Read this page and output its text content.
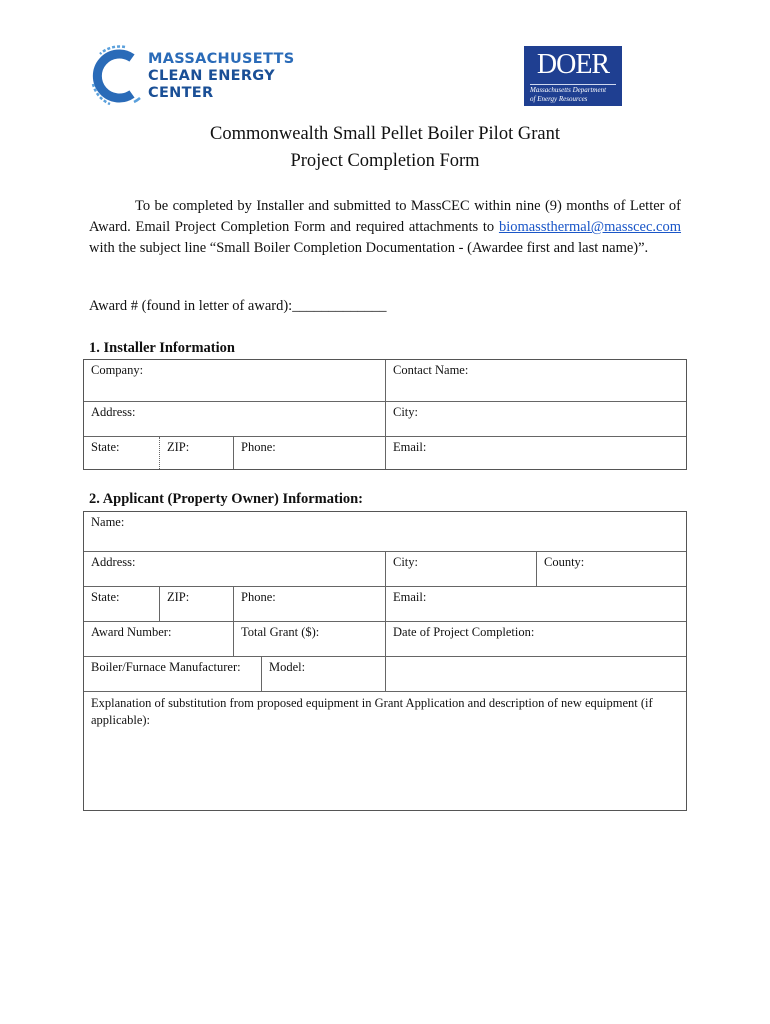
MASSACHUSETTS
CLEAN ENERGY
CENTER
DOER
Massachusetts Department
of Energy Resources
Commonwealth Small Pellet Boiler Pilot Grant
Project Completion Form
To be completed by Installer and submitted to MassCEC within nine (9) months of Letter of Award. Email Project Completion Form and required attachments to biomassthermal@masscec.com with the subject line “Small Boiler Completion Documentation - (Awardee first and last name)”.
Award # (found in letter of award):_____________
1. Installer Information
Company:	Contact Name:
Address:	City:
State:	ZIP:	Phone:	Email:
2. Applicant (Property Owner) Information:
Name:
Address:	City:	County:
State:	ZIP:	Phone:	Email:
Award Number:	Total Grant ($):	Date of Project Completion:
Boiler/Furnace Manufacturer:	Model:
Explanation of substitution from proposed equipment in Grant Application and description of new equipment (if applicable):
